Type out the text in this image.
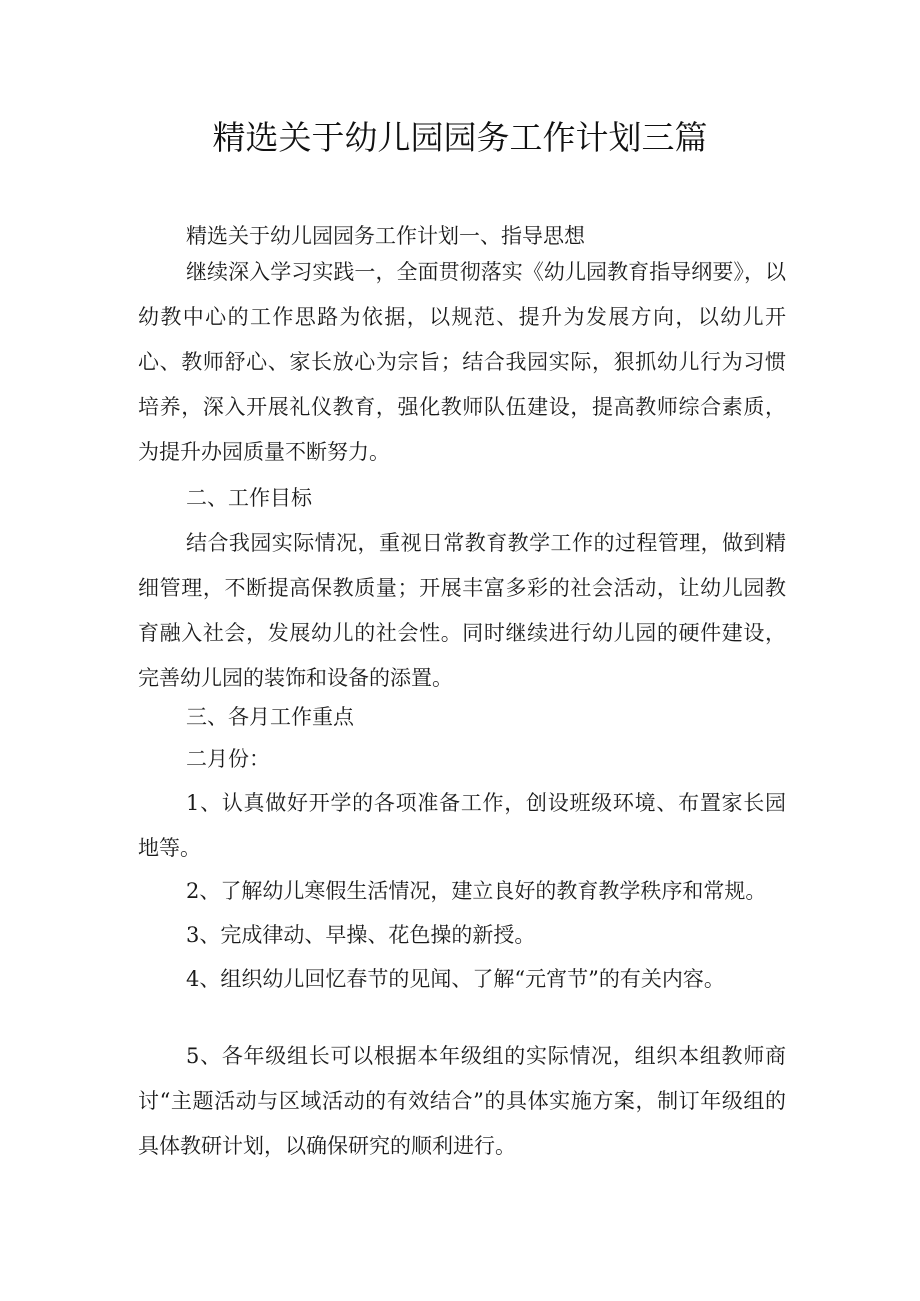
精选关于幼儿园园务工作计划三篇

精选关于幼儿园园务工作计划一、指导思想

继续深入学习实践一，全面贯彻落实《幼儿园教育指导纲要》，以幼教中心的工作思路为依据，以规范、提升为发展方向，以幼儿开心、教师舒心、家长放心为宗旨；结合我园实际，狠抓幼儿行为习惯培养，深入开展礼仪教育，强化教师队伍建设，提高教师综合素质，为提升办园质量不断努力。

二、工作目标

结合我园实际情况，重视日常教育教学工作的过程管理，做到精细管理，不断提高保教质量；开展丰富多彩的社会活动，让幼儿园教育融入社会，发展幼儿的社会性。同时继续进行幼儿园的硬件建设，完善幼儿园的装饰和设备的添置。

三、各月工作重点

二月份：

1、认真做好开学的各项准备工作，创设班级环境、布置家长园地等。

2、了解幼儿寒假生活情况，建立良好的教育教学秩序和常规。

3、完成律动、早操、花色操的新授。

4、组织幼儿回忆春节的见闻、了解“元宵节”的有关内容。

5、各年级组长可以根据本年级组的实际情况，组织本组教师商讨“主题活动与区域活动的有效结合”的具体实施方案，制订年级组的具体教研计划，以确保研究的顺利进行。
